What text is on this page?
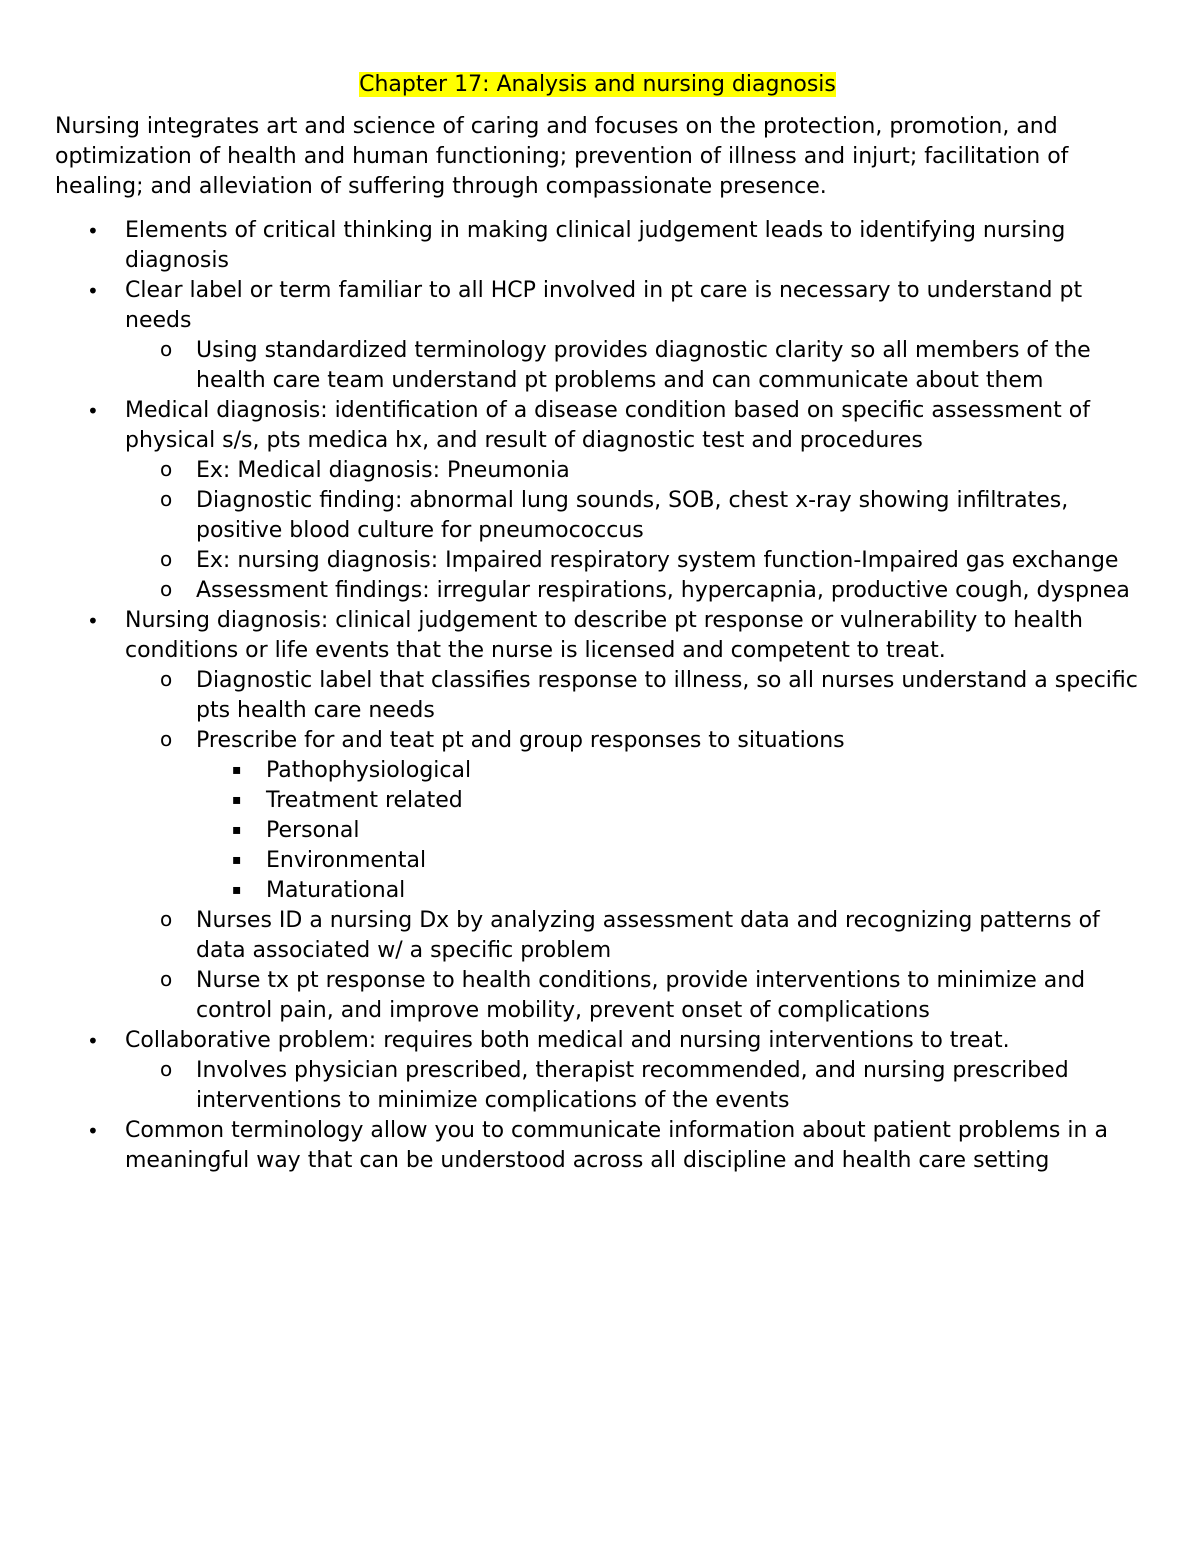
Chapter 17: Analysis and nursing diagnosis

Nursing integrates art and science of caring and focuses on the protection, promotion, and optimization of health and human functioning; prevention of illness and injurt; facilitation of healing; and alleviation of suffering through compassionate presence.

• Elements of critical thinking in making clinical judgement leads to identifying nursing diagnosis
• Clear label or term familiar to all HCP involved in pt care is necessary to understand pt needs
o Using standardized terminology provides diagnostic clarity so all members of the health care team understand pt problems and can communicate about them
• Medical diagnosis: identification of a disease condition based on specific assessment of physical s/s, pts medica hx, and result of diagnostic test and procedures
o Ex: Medical diagnosis: Pneumonia
o Diagnostic finding: abnormal lung sounds, SOB, chest x-ray showing infiltrates, positive blood culture for pneumococcus
o Ex: nursing diagnosis: Impaired respiratory system function-Impaired gas exchange
o Assessment findings: irregular respirations, hypercapnia, productive cough, dyspnea
• Nursing diagnosis: clinical judgement to describe pt response or vulnerability to health conditions or life events that the nurse is licensed and competent to treat.
o Diagnostic label that classifies response to illness, so all nurses understand a specific pts health care needs
o Prescribe for and teat pt and group responses to situations
▪ Pathophysiological
▪ Treatment related
▪ Personal
▪ Environmental
▪ Maturational
o Nurses ID a nursing Dx by analyzing assessment data and recognizing patterns of data associated w/ a specific problem
o Nurse tx pt response to health conditions, provide interventions to minimize and control pain, and improve mobility, prevent onset of complications
• Collaborative problem: requires both medical and nursing interventions to treat.
o Involves physician prescribed, therapist recommended, and nursing prescribed interventions to minimize complications of the events
• Common terminology allow you to communicate information about patient problems in a meaningful way that can be understood across all discipline and health care setting
